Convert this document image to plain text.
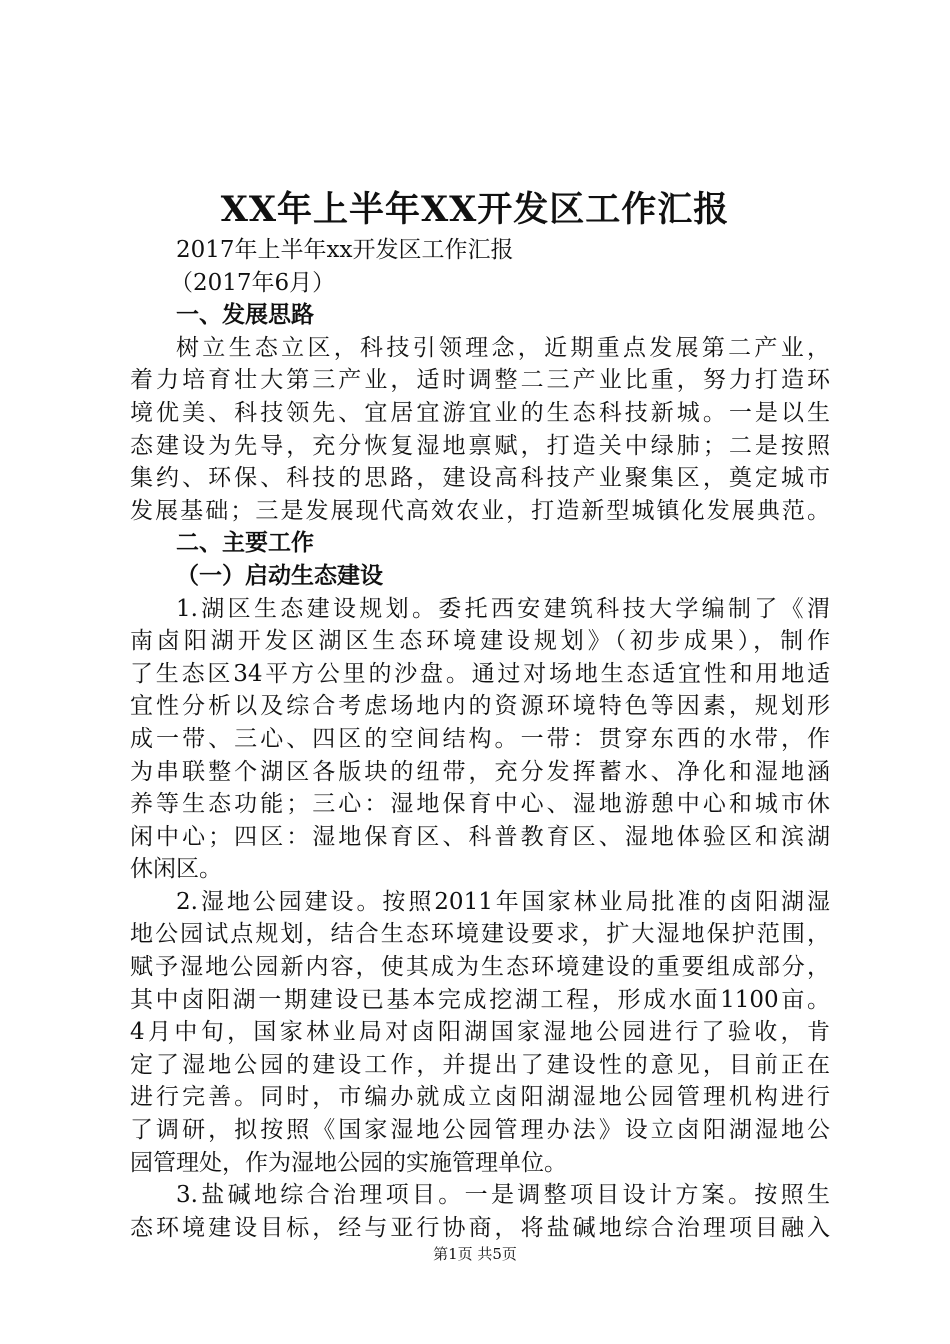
XX年上半年XX开发区工作汇报
2017年上半年xx开发区工作汇报
（2017年6月）
一、发展思路
树立生态立区，科技引领理念，近期重点发展第二产业，
着力培育壮大第三产业，适时调整二三产业比重，努力打造环
境优美、科技领先、宜居宜游宜业的生态科技新城。一是以生
态建设为先导，充分恢复湿地禀赋，打造关中绿肺；二是按照
集约、环保、科技的思路，建设高科技产业聚集区，奠定城市
发展基础；三是发展现代高效农业，打造新型城镇化发展典范。
二、主要工作
（一）启动生态建设
1.湖区生态建设规划。委托西安建筑科技大学编制了《渭
南卤阳湖开发区湖区生态环境建设规划》（初步成果），制作
了生态区34平方公里的沙盘。通过对场地生态适宜性和用地适
宜性分析以及综合考虑场地内的资源环境特色等因素，规划形
成一带、三心、四区的空间结构。一带：贯穿东西的水带，作
为串联整个湖区各版块的纽带，充分发挥蓄水、净化和湿地涵
养等生态功能；三心：湿地保育中心、湿地游憩中心和城市休
闲中心；四区：湿地保育区、科普教育区、湿地体验区和滨湖
休闲区。
2.湿地公园建设。按照2011年国家林业局批准的卤阳湖湿
地公园试点规划，结合生态环境建设要求，扩大湿地保护范围，
赋予湿地公园新内容，使其成为生态环境建设的重要组成部分，
其中卤阳湖一期建设已基本完成挖湖工程，形成水面1100亩。
4月中旬，国家林业局对卤阳湖国家湿地公园进行了验收，肯
定了湿地公园的建设工作，并提出了建设性的意见，目前正在
进行完善。同时，市编办就成立卤阳湖湿地公园管理机构进行
了调研，拟按照《国家湿地公园管理办法》设立卤阳湖湿地公
园管理处，作为湿地公园的实施管理单位。
3.盐碱地综合治理项目。一是调整项目设计方案。按照生
态环境建设目标，经与亚行协商，将盐碱地综合治理项目融入
第1页 共5页
